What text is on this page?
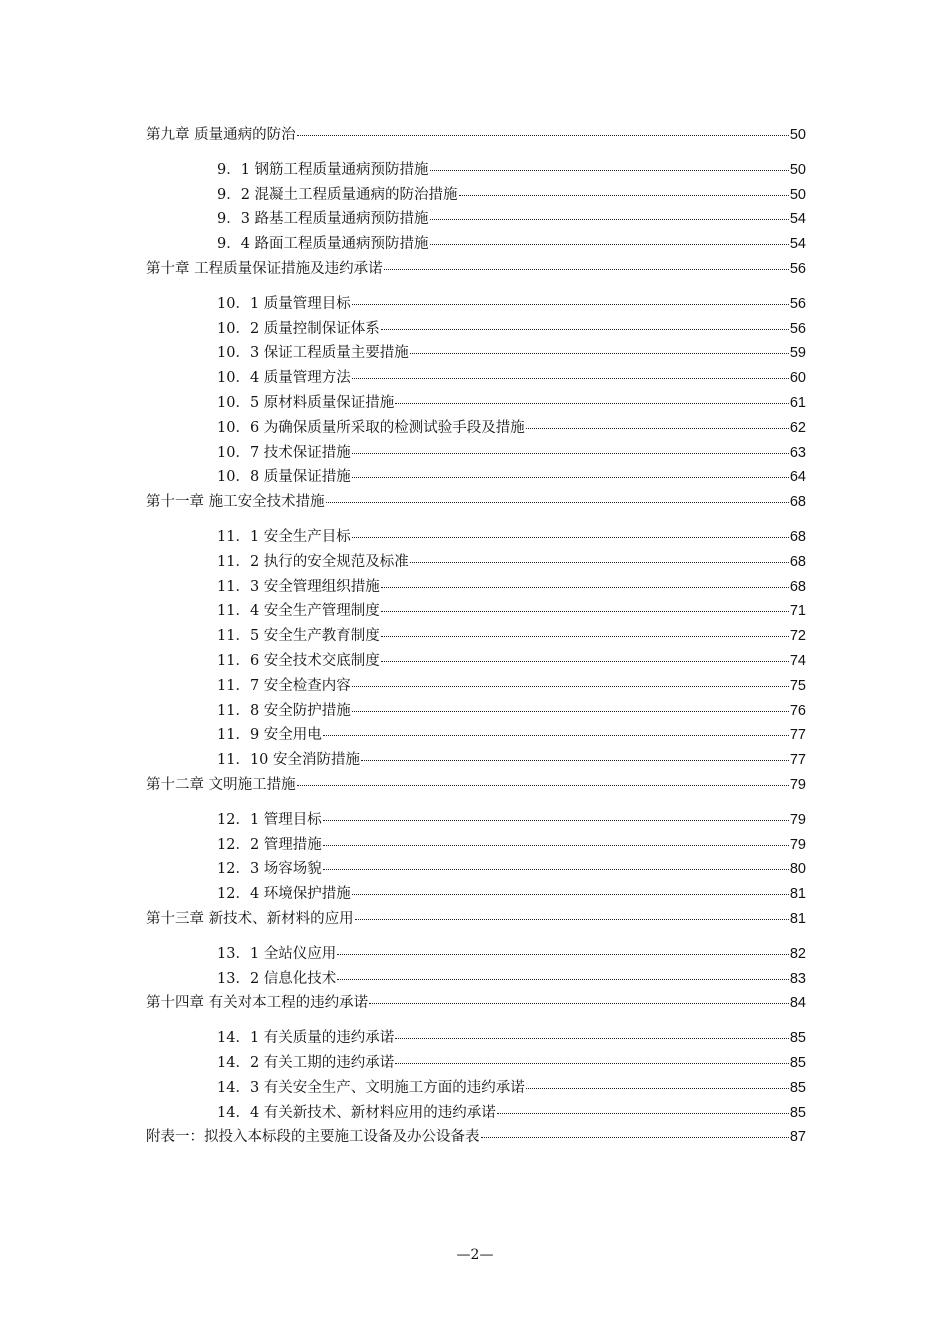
第九章 质量通病的防治	50
9．1 钢筋工程质量通病预防措施	50
9．2 混凝土工程质量通病的防治措施	50
9．3 路基工程质量通病预防措施	54
9．4 路面工程质量通病预防措施	54
第十章 工程质量保证措施及违约承诺	56
10．1 质量管理目标	56
10．2 质量控制保证体系	56
10．3 保证工程质量主要措施	59
10．4 质量管理方法	60
10．5 原材料质量保证措施	61
10．6 为确保质量所采取的检测试验手段及措施	62
10．7 技术保证措施	63
10．8 质量保证措施	64
第十一章 施工安全技术措施	68
11．1 安全生产目标	68
11．2 执行的安全规范及标准	68
11．3 安全管理组织措施	68
11．4 安全生产管理制度	71
11．5 安全生产教育制度	72
11．6 安全技术交底制度	74
11．7 安全检查内容	75
11．8 安全防护措施	76
11．9 安全用电	77
11．10 安全消防措施	77
第十二章 文明施工措施	79
12．1 管理目标	79
12．2 管理措施	79
12．3 场容场貌	80
12．4 环境保护措施	81
第十三章 新技术、新材料的应用	81
13．1 全站仪应用	82
13．2 信息化技术	83
第十四章 有关对本工程的违约承诺	84
14．1 有关质量的违约承诺	85
14．2 有关工期的违约承诺	85
14．3 有关安全生产、文明施工方面的违约承诺	85
14．4 有关新技术、新材料应用的违约承诺	85
附表一：拟投入本标段的主要施工设备及办公设备表	87
—2—
